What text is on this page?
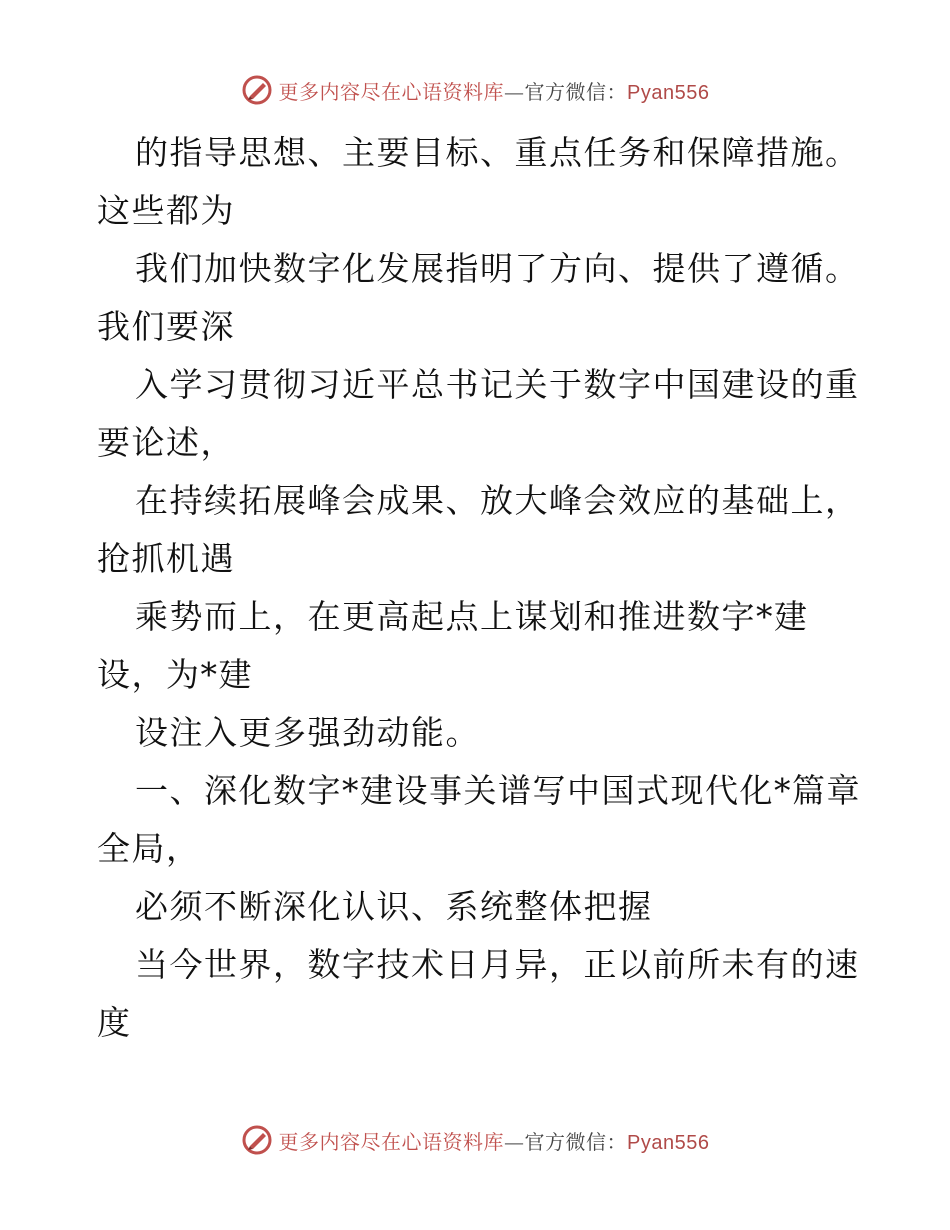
更多内容尽在心语资料库—官方微信：Pyan556
的指导思想、主要目标、重点任务和保障措施。
这些都为
我们加快数字化发展指明了方向、提供了遵循。
我们要深
入学习贯彻习近平总书记关于数字中国建设的重
要论述，
在持续拓展峰会成果、放大峰会效应的基础上，
抢抓机遇
乘势而上，在更高起点上谋划和推进数字*建
设，为*建
设注入更多强劲动能。
一、深化数字*建设事关谱写中国式现代化*篇章
全局，
必须不断深化认识、系统整体把握
当今世界，数字技术日月异，正以前所未有的速
度
更多内容尽在心语资料库—官方微信：Pyan556
